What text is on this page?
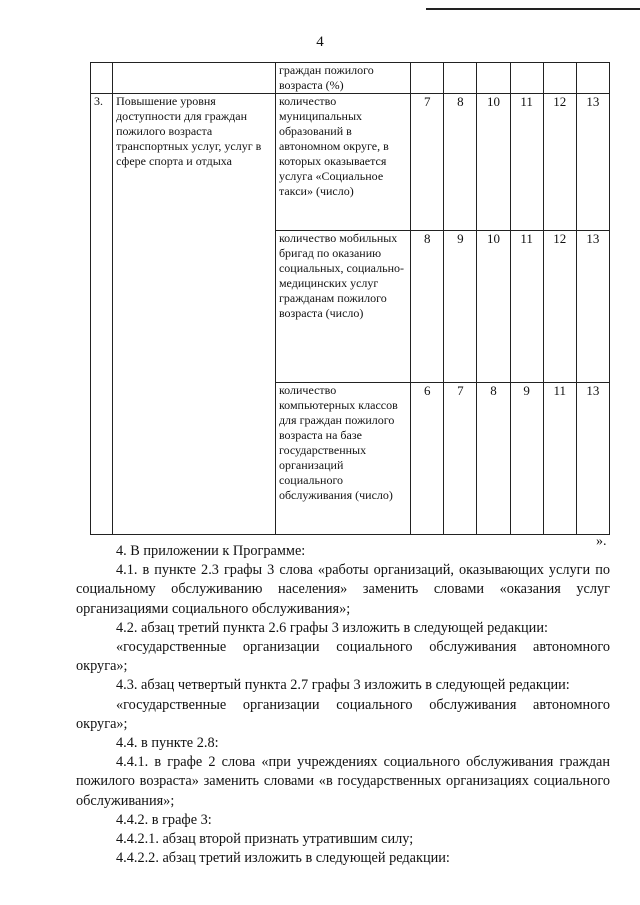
4
		граждан пожилого возраста (%)						
3.	Повышение уровня доступности для граждан пожилого возраста транспортных услуг, услуг в сфере спорта и отдыха	количество муниципальных образований в автономном округе, в которых оказывается услуга «Социальное такси» (число)	7	8	10	11	12	13
		количество мобильных бригад по оказанию социальных, социально-медицинских услуг гражданам пожилого возраста (число)	8	9	10	11	12	13
		количество компьютерных классов для граждан пожилого возраста на базе государственных организаций социального обслуживания (число)	6	7	8	9	11	13
».

4. В приложении к Программе:

4.1. в пункте 2.3 графы 3 слова «работы организаций, оказывающих услуги по социальному обслуживанию населения» заменить словами «оказания услуг организациями социального обслуживания»;

4.2. абзац третий пункта 2.6 графы 3 изложить в следующей редакции:

«государственные организации социального обслуживания автономного округа»;

4.3. абзац четвертый пункта 2.7 графы 3 изложить в следующей редакции:

«государственные организации социального обслуживания автономного округа»;

4.4. в пункте 2.8:

4.4.1. в графе 2 слова «при учреждениях социального обслуживания граждан пожилого возраста» заменить словами «в государственных организациях социального обслуживания»;

4.4.2. в графе 3:

4.4.2.1. абзац второй признать утратившим силу;

4.4.2.2. абзац третий изложить в следующей редакции:
